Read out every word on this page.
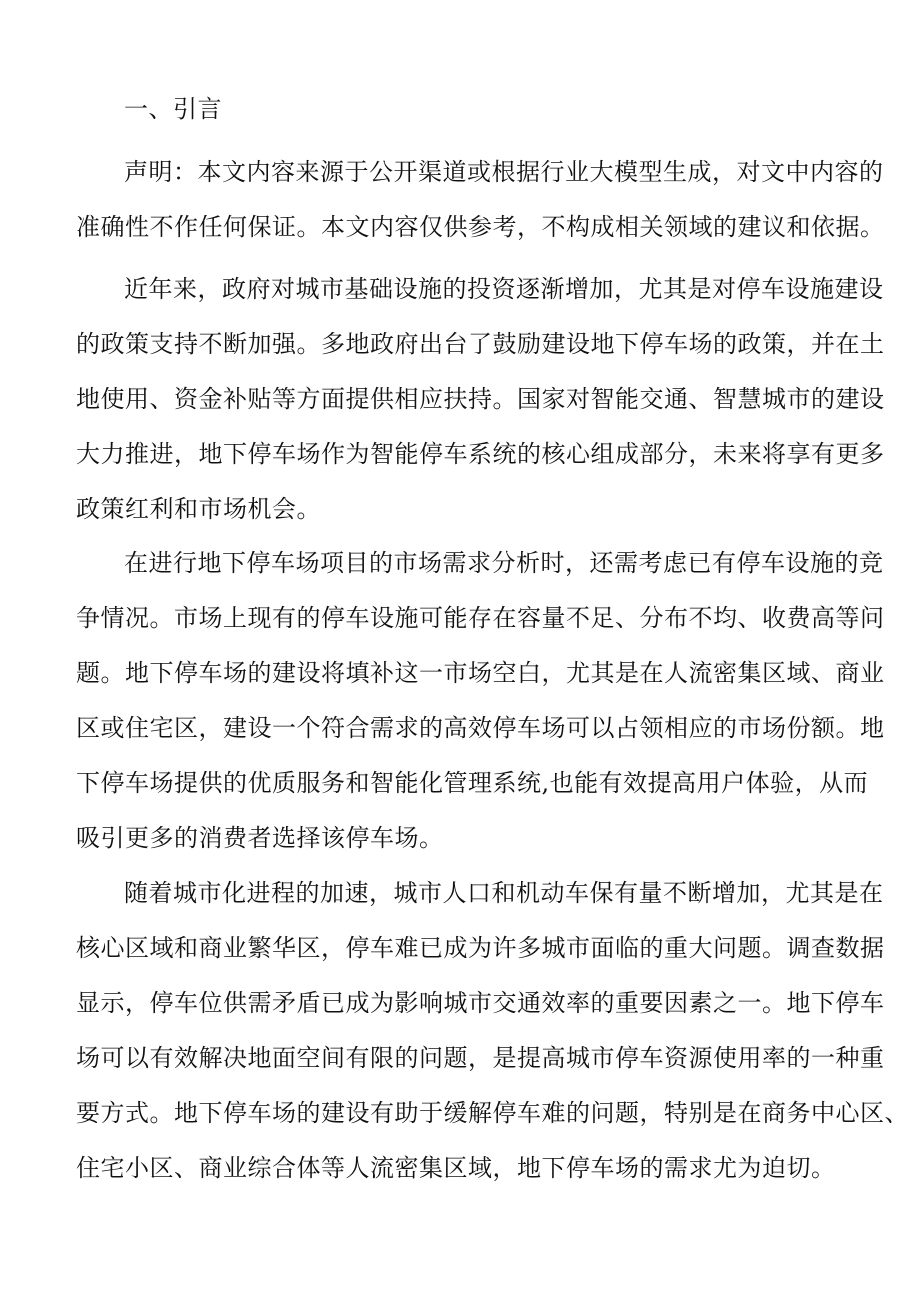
一、引言

声明：本文内容来源于公开渠道或根据行业大模型生成，对文中内容的
准确性不作任何保证。本文内容仅供参考，不构成相关领域的建议和依据。

近年来，政府对城市基础设施的投资逐渐增加，尤其是对停车设施建设
的政策支持不断加强。多地政府出台了鼓励建设地下停车场的政策，并在土
地使用、资金补贴等方面提供相应扶持。国家对智能交通、智慧城市的建设
大力推进，地下停车场作为智能停车系统的核心组成部分，未来将享有更多
政策红利和市场机会。

在进行地下停车场项目的市场需求分析时，还需考虑已有停车设施的竞
争情况。市场上现有的停车设施可能存在容量不足、分布不均、收费高等问
题。地下停车场的建设将填补这一市场空白，尤其是在人流密集区域、商业
区或住宅区，建设一个符合需求的高效停车场可以占领相应的市场份额。地
下停车场提供的优质服务和智能化管理系统,也能有效提高用户体验，从而
吸引更多的消费者选择该停车场。

随着城市化进程的加速，城市人口和机动车保有量不断增加，尤其是在
核心区域和商业繁华区，停车难已成为许多城市面临的重大问题。调查数据
显示，停车位供需矛盾已成为影响城市交通效率的重要因素之一。地下停车
场可以有效解决地面空间有限的问题，是提高城市停车资源使用率的一种重
要方式。地下停车场的建设有助于缓解停车难的问题，特别是在商务中心区、
住宅小区、商业综合体等人流密集区域，地下停车场的需求尤为迫切。
